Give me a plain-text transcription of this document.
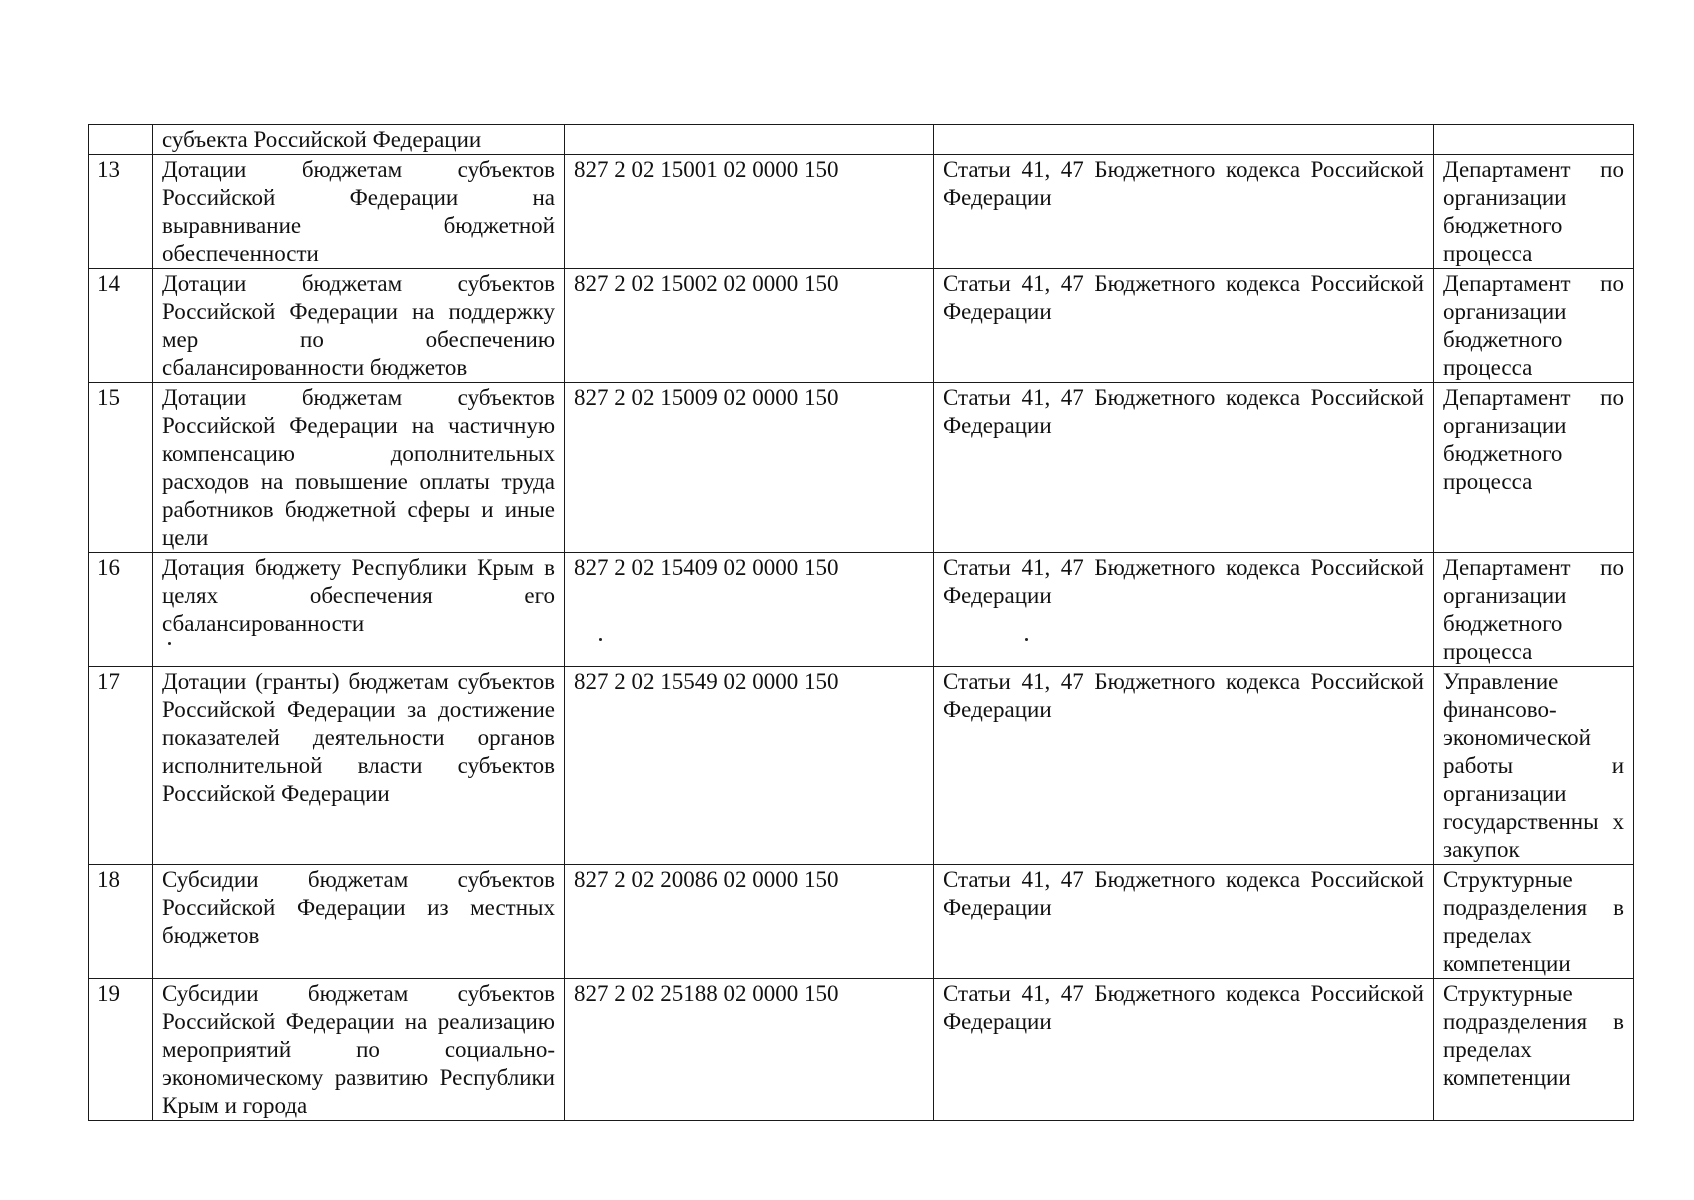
	субъекта Российской Федерации			
13	Дотации бюджетам субъектов Российской Федерации на выравнивание бюджетной обеспеченности	827 2 02 15001 02 0000 150	Статьи 41, 47 Бюджетного кодекса Российской Федерации	Департамент по организации бюджетного процесса
14	Дотации бюджетам субъектов Российской Федерации на поддержку мер по обеспечению сбалансированности бюджетов	827 2 02 15002 02 0000 150	Статьи 41, 47 Бюджетного кодекса Российской Федерации	Департамент по организации бюджетного процесса
15	Дотации бюджетам субъектов Российской Федерации на частичную компенсацию дополнительных расходов на повышение оплаты труда работников бюджетной сферы и иные цели	827 2 02 15009 02 0000 150	Статьи 41, 47 Бюджетного кодекса Российской Федерации	Департамент по организации бюджетного процесса
16	Дотация бюджету Республики Крым в целях обеспечения его сбалансированности	827 2 02 15409 02 0000 150	Статьи 41, 47 Бюджетного кодекса Российской Федерации	Департамент по организации бюджетного процесса
17	Дотации (гранты) бюджетам субъектов Российской Федерации за достижение показателей деятельности органов исполнительной власти субъектов Российской Федерации	827 2 02 15549 02 0000 150	Статьи 41, 47 Бюджетного кодекса Российской Федерации	Управление финансово-экономической работы и организации государственны х закупок
18	Субсидии бюджетам субъектов Российской Федерации из местных бюджетов	827 2 02 20086 02 0000 150	Статьи 41, 47 Бюджетного кодекса Российской Федерации	Структурные подразделения в пределах компетенции
19	Субсидии бюджетам субъектов Российской Федерации на реализацию мероприятий по социально-экономическому развитию Республики Крым и города	827 2 02 25188 02 0000 150	Статьи 41, 47 Бюджетного кодекса Российской Федерации	Структурные подразделения в пределах компетенции
